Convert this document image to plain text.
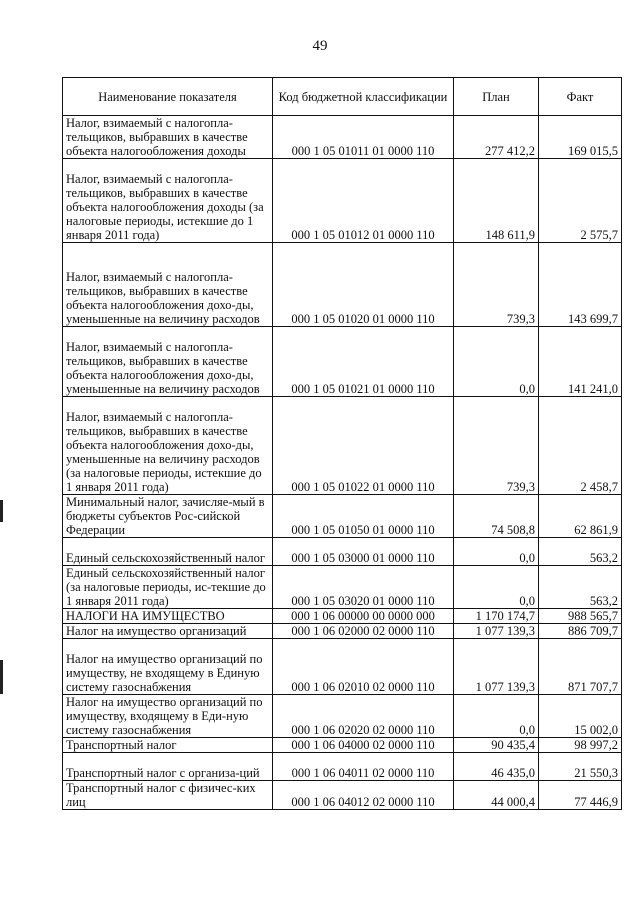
49
Наименование показателя	Код бюджетной классификации	План	Факт
Налог, взимаемый с налогопла-тельщиков, выбравших в качестве объекта налогообложения доходы	000 1 05 01011 01 0000 110	277 412,2	169 015,5
Налог, взимаемый с налогопла-тельщиков, выбравших в качестве объекта налогообложения доходы (за налоговые периоды, истекшие до 1 января 2011 года)	000 1 05 01012 01 0000 110	148 611,9	2 575,7
Налог, взимаемый с налогопла-тельщиков, выбравших в качестве объекта налогообложения дохо-ды, уменьшенные на величину расходов	000 1 05 01020 01 0000 110	739,3	143 699,7
Налог, взимаемый с налогопла-тельщиков, выбравших в качестве объекта налогообложения дохо-ды, уменьшенные на величину расходов	000 1 05 01021 01 0000 110	0,0	141 241,0
Налог, взимаемый с налогопла-тельщиков, выбравших в качестве объекта налогообложения дохо-ды, уменьшенные на величину расходов (за налоговые периоды, истекшие до 1 января 2011 года)	000 1 05 01022 01 0000 110	739,3	2 458,7
Минимальный налог, зачисляе-мый в бюджеты субъектов Рос-сийской Федерации	000 1 05 01050 01 0000 110	74 508,8	62 861,9
Единый сельскохозяйственный налог	000 1 05 03000 01 0000 110	0,0	563,2
Единый сельскохозяйственный налог (за налоговые периоды, ис-текшие до 1 января 2011 года)	000 1 05 03020 01 0000 110	0,0	563,2
НАЛОГИ НА ИМУЩЕСТВО	000 1 06 00000 00 0000 000	1 170 174,7	988 565,7
Налог на имущество организаций	000 1 06 02000 02 0000 110	1 077 139,3	886 709,7
Налог на имущество организаций по имуществу, не входящему в Единую систему газоснабжения	000 1 06 02010 02 0000 110	1 077 139,3	871 707,7
Налог на имущество организаций по имуществу, входящему в Еди-ную систему газоснабжения	000 1 06 02020 02 0000 110	0,0	15 002,0
Транспортный налог	000 1 06 04000 02 0000 110	90 435,4	98 997,2
Транспортный налог с организа-ций	000 1 06 04011 02 0000 110	46 435,0	21 550,3
Транспортный налог с физичес-ких лиц	000 1 06 04012 02 0000 110	44 000,4	77 446,9
